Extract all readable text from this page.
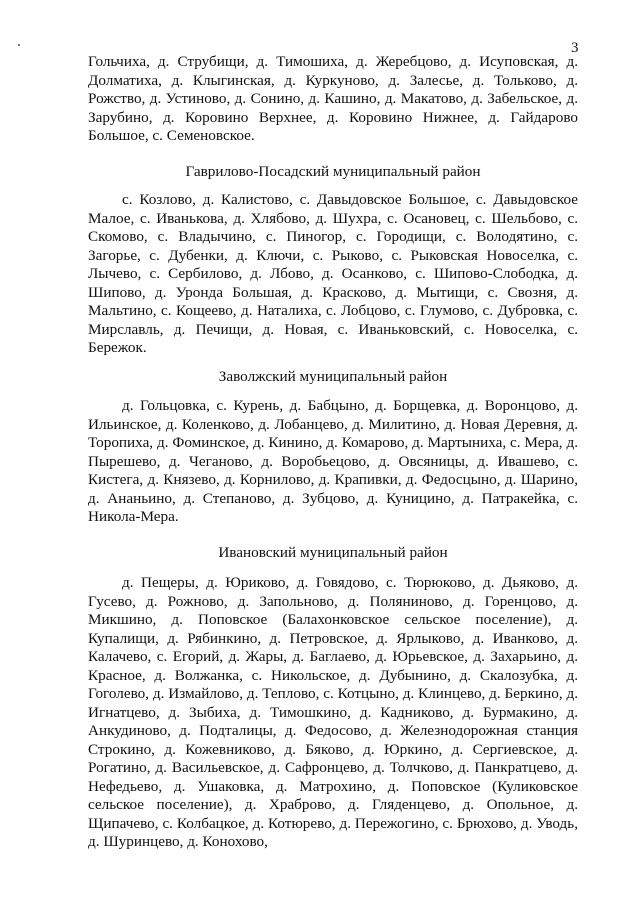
3

Гольчиха, д. Струбищи, д. Тимошиха, д. Жеребцово, д. Исуповская, д. Долматиха, д. Клыгинская, д. Куркуново, д. Залесье, д. Тольково, д. Рожство, д. Устиново, д. Сонино, д. Кашино, д. Макатово, д. Забельское, д. Зарубино, д. Коровино Верхнее, д. Коровино Нижнее, д. Гайдарово Большое, с. Семеновское.

Гаврилово-Посадский муниципальный район

с. Козлово, д. Калистово, с. Давыдовское Большое, с. Давыдовское Малое, с. Иванькова, д. Хлябово, д. Шухра, с. Осановец, с. Шельбово, с. Скомово, с. Владычино, с. Пиногор, с. Городищи, с. Володятино, с. Загорье, с. Дубенки, д. Ключи, с. Рыково, с. Рыковская Новоселка, с. Лычево, с. Сербилово, д. Лбово, д. Осанково, с. Шипово-Слободка, д. Шипово, д. Уронда Большая, д. Красково, д. Мытищи, с. Свозня, д. Мальтино, с. Кощеево, д. Наталиха, с. Лобцово, с. Глумово, с. Дубровка, с. Мирславль, д. Печищи, д. Новая, с. Иваньковский, с. Новоселка, с. Бережок.

Заволжский муниципальный район

д. Гольцовка, с. Курень, д. Бабцыно, д. Борщевка, д. Воронцово, д. Ильинское, д. Коленково, д. Лобанцево, д. Милитино, д. Новая Деревня, д. Торопиха, д. Фоминское, д. Кинино, д. Комарово, д. Мартыниха, с. Мера, д. Пырешево, д. Чеганово, д. Воробьецово, д. Овсяницы, д. Ивашево, с. Кистега, д. Князево, д. Корнилово, д. Крапивки, д. Федосцыно, д. Шарино, д. Ананьино, д. Степаново, д. Зубцово, д. Куницино, д. Патракейка, с. Никола-Мера.

Ивановский муниципальный район

д. Пещеры, д. Юриково, д. Говядово, с. Тюрюково, д. Дьяково, д. Гусево, д. Рожново, д. Запольново, д. Поляниново, д. Горенцово, д. Микшино, д. Поповское (Балахонковское сельское поселение), д. Купалищи, д. Рябинкино, д. Петровское, д. Ярлыково, д. Иванково, д. Калачево, с. Егорий, д. Жары, д. Баглаево, д. Юрьевское, д. Захарьино, д. Красное, д. Волжанка, с. Никольское, д. Дубынино, д. Скалозубка, д. Гоголево, д. Измайлово, д. Теплово, с. Котцыно, д. Клинцево, д. Беркино, д. Игнатцево, д. Зыбиха, д. Тимошкино, д. Кадниково, д. Бурмакино, д. Анкудиново, д. Подталицы, д. Федосово, д. Железнодорожная станция Строкино, д. Кожевниково, д. Бяково, д. Юркино, д. Сергиевское, д. Рогатино, д. Васильевское, д. Сафронцево, д. Толчково, д. Панкратцево, д. Нефедьево, д. Ушаковка, д. Матрохино, д. Поповское (Куликовское сельское поселение), д. Храброво, д. Гляденцево, д. Опольное, д. Щипачево, с. Колбацкое, д. Котюрево, д. Пережогино, с. Брюхово, д. Уводь, д. Шуринцево, д. Конохово,
